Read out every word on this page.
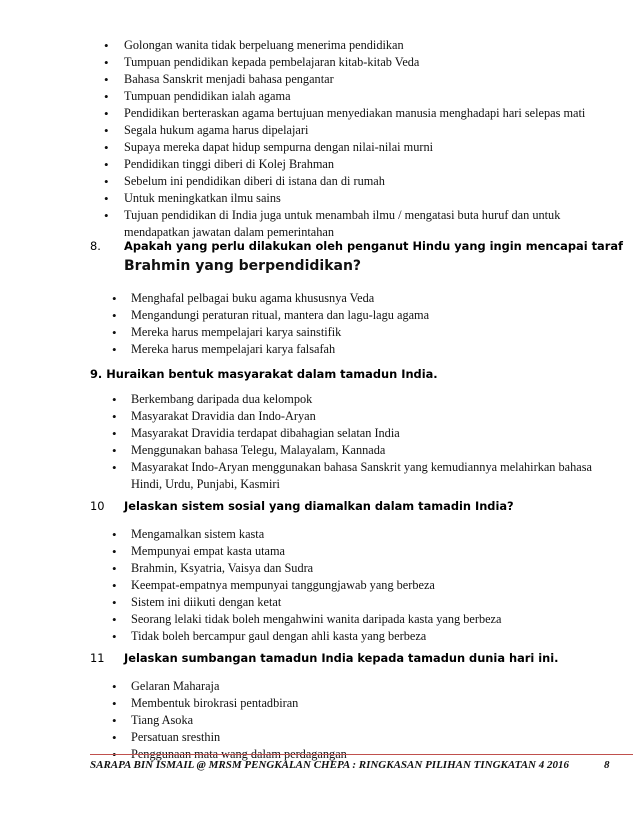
•	Golongan wanita tidak berpeluang menerima pendidikan
•	Tumpuan pendidikan kepada pembelajaran kitab-kitab Veda
•	Bahasa Sanskrit menjadi bahasa pengantar
•	Tumpuan pendidikan ialah agama
•	Pendidikan berteraskan agama bertujuan menyediakan manusia menghadapi hari selepas mati
•	Segala hukum agama harus dipelajari
•	Supaya mereka dapat hidup sempurna dengan nilai-nilai murni
•	Pendidikan tinggi diberi di Kolej Brahman
•	Sebelum ini pendidikan diberi di istana dan di rumah
•	Untuk meningkatkan ilmu sains
•	Tujuan pendidikan di India juga untuk menambah ilmu / mengatasi buta huruf dan untuk
mendapatkan jawatan dalam pemerintahan
8. Apakah yang perlu dilakukan oleh penganut Hindu yang ingin mencapai taraf
Brahmin yang berpendidikan?
•	Menghafal pelbagai buku agama khususnya Veda
•	Mengandungi peraturan ritual, mantera dan lagu-lagu agama
•	Mereka harus mempelajari karya sainstifik
•	Mereka harus mempelajari karya falsafah
9. Huraikan bentuk masyarakat dalam tamadun India.
•	Berkembang daripada dua kelompok
•	Masyarakat Dravidia dan Indo-Aryan
•	Masyarakat Dravidia terdapat dibahagian selatan India
•	Menggunakan bahasa Telegu, Malayalam, Kannada
•	Masyarakat Indo-Aryan menggunakan bahasa Sanskrit yang kemudiannya melahirkan bahasa
Hindi, Urdu, Punjabi, Kasmiri
10 Jelaskan sistem sosial yang diamalkan dalam tamadin India?
•	Mengamalkan sistem kasta
•	Mempunyai empat kasta utama
•	Brahmin, Ksyatria, Vaisya dan Sudra
•	Keempat-empatnya mempunyai tanggungjawab yang berbeza
•	Sistem ini diikuti dengan ketat
•	Seorang lelaki tidak boleh mengahwini wanita daripada kasta yang berbeza
•	Tidak boleh bercampur gaul dengan ahli kasta yang berbeza
11 Jelaskan sumbangan tamadun India kepada tamadun dunia hari ini.
•	Gelaran Maharaja
•	Membentuk birokrasi pentadbiran
•	Tiang Asoka
•	Persatuan sresthin
•	Penggunaan mata wang dalam perdagangan
SARAPA BIN ISMAIL @ MRSM PENGKALAN CHEPA : RINGKASAN PILIHAN TINGKATAN 4 2016	8
